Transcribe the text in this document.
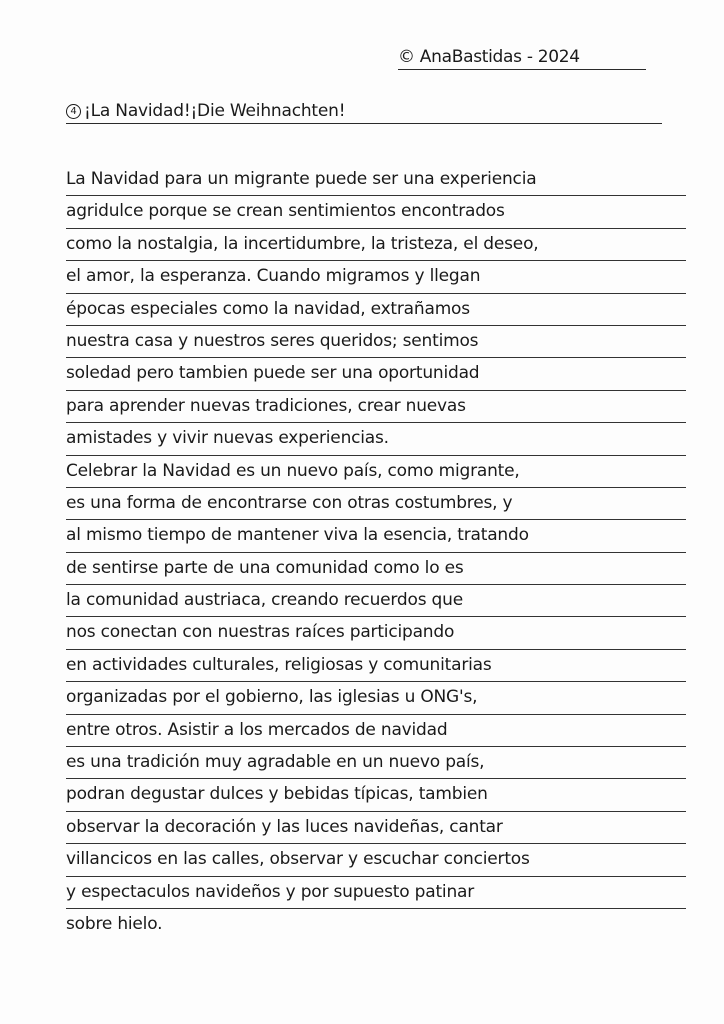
© AnaBastidas - 2024
4 ¡La Navidad!¡Die Weihnachten!
La Navidad para un migrante puede ser una experiencia
agridulce porque se crean sentimientos encontrados
como la nostalgia, la incertidumbre, la tristeza, el deseo,
el amor, la esperanza. Cuando migramos y llegan
épocas especiales como la navidad, extrañamos
nuestra casa y nuestros seres queridos; sentimos
soledad pero tambien puede ser una oportunidad
para aprender nuevas tradiciones, crear nuevas
amistades y vivir nuevas experiencias.
Celebrar la Navidad es un nuevo país, como migrante,
es una forma de encontrarse con otras costumbres, y
al mismo tiempo de mantener viva la esencia, tratando
de sentirse parte de una comunidad como lo es
la comunidad austriaca, creando recuerdos que
nos conectan con nuestras raíces participando
en actividades culturales, religiosas y comunitarias
organizadas por el gobierno, las iglesias u ONG's,
entre otros. Asistir a los mercados de navidad
es una tradición muy agradable en un nuevo país,
podran degustar dulces y bebidas típicas, tambien
observar la decoración y las luces navideñas, cantar
villancicos en las calles, observar y escuchar conciertos
y espectaculos navideños y por supuesto patinar
sobre hielo.
